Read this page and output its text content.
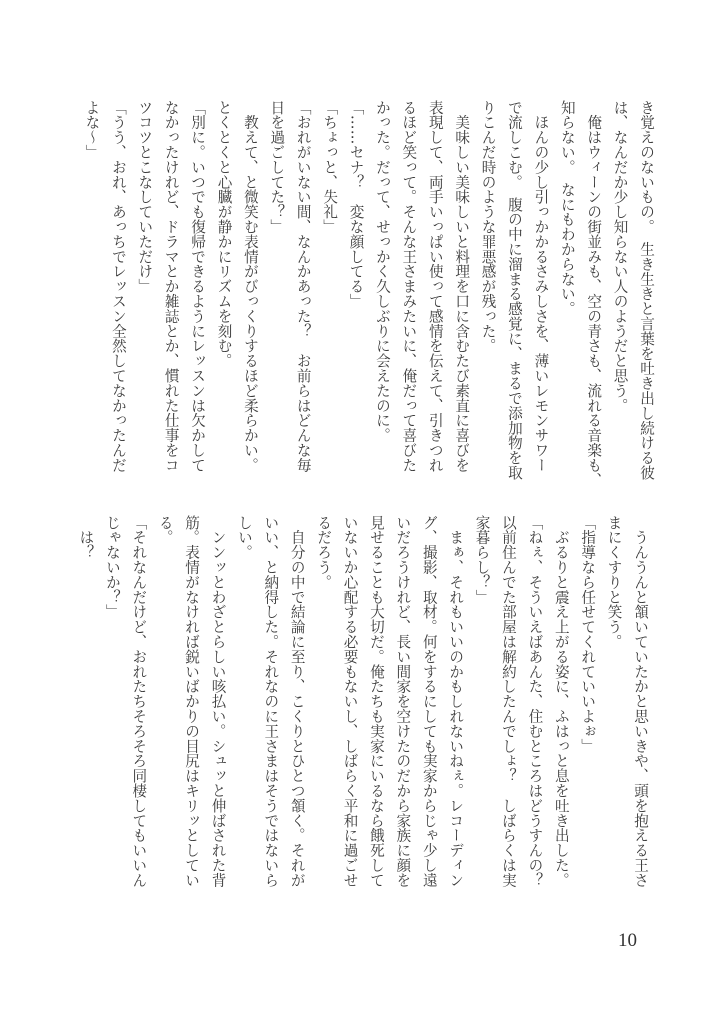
き覚えのないもの。　生き生きと言葉を吐き出し続ける彼
は、なんだか少し知らない人のようだと思う。
　俺はウィーンの街並みも、空の青さも、流れる音楽も、
知らない。　なにもわからない。
　ほんの少し引っかかるさみしさを、薄いレモンサワー
で流しこむ。　腹の中に溜まる感覚に、まるで添加物を取
りこんだ時のような罪悪感が残った。
　美味しい美味しいと料理を口に含むたび素直に喜びを
表現して、両手いっぱい使って感情を伝えて、引きつれ
るほど笑って。そんな王さまみたいに、俺だって喜びた
かった。だって、せっかく久しぶりに会えたのに。
「……セナ？　変な顔してる」
「ちょっと、失礼」
「おれがいない間、なんかあった？　お前らはどんな毎
日を過ごしてた？」
　教えて、と微笑む表情がびっくりするほど柔らかい。
とくとくと心臓が静かにリズムを刻む。
「別に。いつでも復帰できるようにレッスンは欠かして
なかったけれど、ドラマとか雑誌とか、慣れた仕事をコ
ツコツとこなしていただけ」
「うう、おれ、あっちでレッスン全然してなかったんだ
よな〜」
　うんうんと頷いていたかと思いきや、頭を抱える王さ
まにくすりと笑う。
「指導なら任せてくれていいよぉ」
　ぶるりと震え上がる姿に、ふはっと息を吐き出した。
「ねぇ、そういえばあんた、住むところはどうすんの？
以前住んでた部屋は解約したんでしょ？　しばらくは実
家暮らし？」
　まぁ、それもいいのかもしれないねぇ。レコーディン
グ、撮影、取材。何をするにしても実家からじゃ少し遠
いだろうけれど、長い間家を空けたのだから家族に顔を
見せることも大切だ。俺たちも実家にいるなら餓死して
いないか心配する必要もないし、しばらく平和に過ごせ
るだろう。
　自分の中で結論に至り、こくりとひとつ頷く。それが
いい、と納得した。それなのに王さまはそうではないら
しい。
　ンンッとわざとらしい咳払い。シュッと伸ばされた背
筋。表情がなければ鋭いばかりの目尻はキリッとしてい
る。
「それなんだけど、おれたちそろそろ同棲してもいいん
じゃないか？」
　は？
10
